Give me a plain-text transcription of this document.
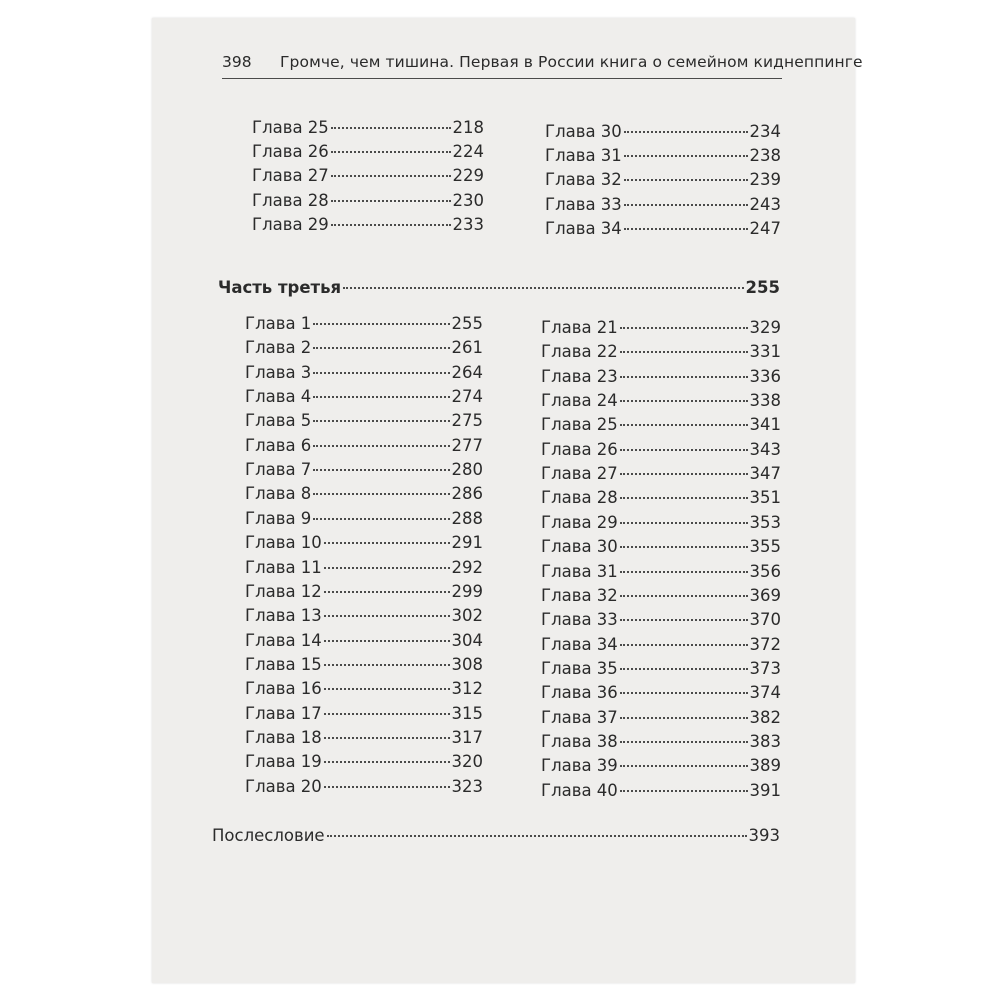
398 Громче, чем тишина. Первая в России книга о семейном киднеппинге
Глава 25	218
Глава 26	224
Глава 27	229
Глава 28	230
Глава 29	233
Глава 30	234
Глава 31	238
Глава 32	239
Глава 33	243
Глава 34	247
Часть третья	255
Глава 1	255
Глава 2	261
Глава 3	264
Глава 4	274
Глава 5	275
Глава 6	277
Глава 7	280
Глава 8	286
Глава 9	288
Глава 10	291
Глава 11	292
Глава 12	299
Глава 13	302
Глава 14	304
Глава 15	308
Глава 16	312
Глава 17	315
Глава 18	317
Глава 19	320
Глава 20	323
Глава 21	329
Глава 22	331
Глава 23	336
Глава 24	338
Глава 25	341
Глава 26	343
Глава 27	347
Глава 28	351
Глава 29	353
Глава 30	355
Глава 31	356
Глава 32	369
Глава 33	370
Глава 34	372
Глава 35	373
Глава 36	374
Глава 37	382
Глава 38	383
Глава 39	389
Глава 40	391
Послесловие	393
